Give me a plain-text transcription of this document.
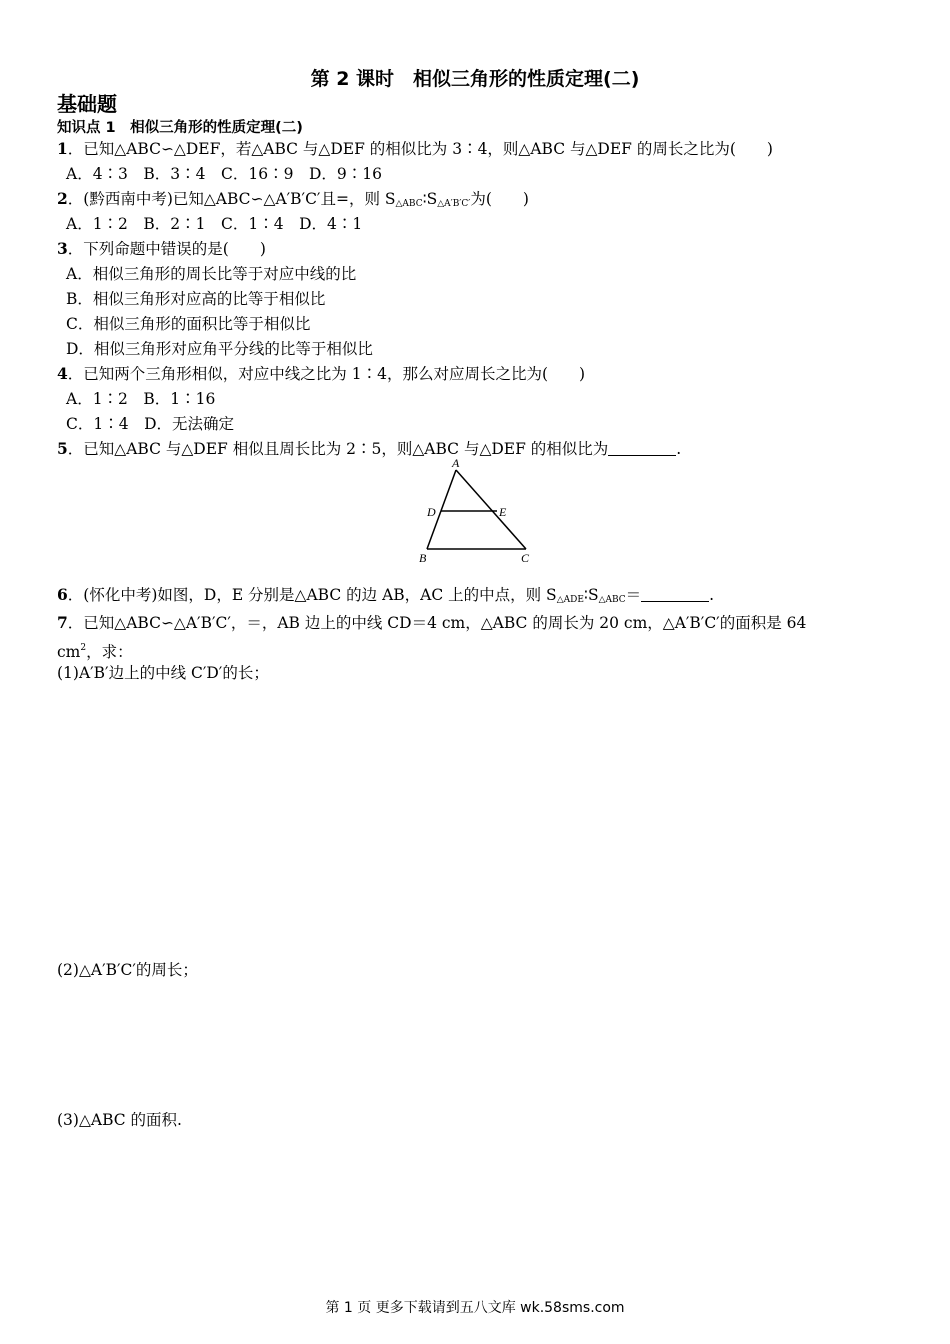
第 2 课时　相似三角形的性质定理(二)
基础题
知识点 1　相似三角形的性质定理(二)
1．已知△ABC∽△DEF，若△ABC 与△DEF 的相似比为 3∶4，则△ABC 与△DEF 的周长之比为(　　)
A．4∶3　B．3∶4　C．16∶9　D．9∶16
2．(黔西南中考)已知△ABC∽△A′B′C′且=，则 $S_{\triangle ABC}∶S_{\triangle A'B'C'}$为(　　)
A．1∶2　B．2∶1　C．1∶4　D．4∶1
3．下列命题中错误的是(　　)
A．相似三角形的周长比等于对应中线的比
B．相似三角形对应高的比等于相似比
C．相似三角形的面积比等于相似比
D．相似三角形对应角平分线的比等于相似比
4．已知两个三角形相似，对应中线之比为 1∶4，那么对应周长之比为(　　)
A．1∶2　B．1∶16
C．1∶4　D．无法确定
5．已知△ABC 与△DEF 相似且周长比为 2∶5，则△ABC 与△DEF 的相似比为	.
A
D	E
B	C
6．(怀化中考)如图，D，E 分别是△ABC 的边 AB，AC 上的中点，则 $S_{\triangle ADE}∶S_{\triangle ABC}=$	.
7．已知△ABC∽△A′B′C′，＝，AB 边上的中线 CD＝4 cm，△ABC 的周长为 20 cm，△A′B′C′的面积是 64
$cm^2$，求：
(1)A′B′边上的中线 C′D′的长；
(2)△A′B′C′的周长；
(3)△ABC 的面积.
第 1 页 更多下载请到五八文库 wk.58sms.com
